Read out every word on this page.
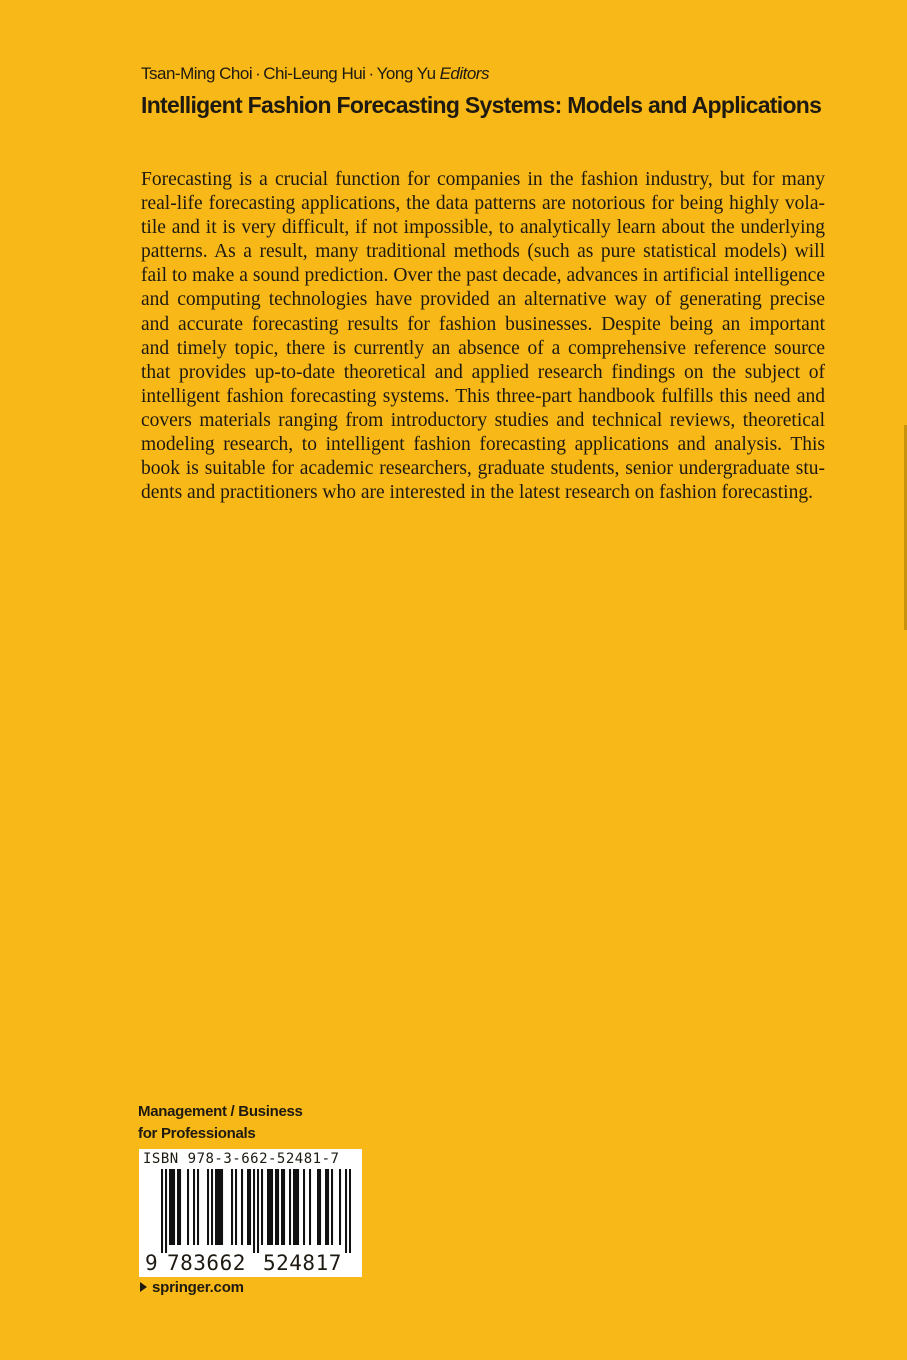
Tsan-Ming Choi · Chi-Leung Hui · Yong Yu Editors
Intelligent Fashion Forecasting Systems: Models and Applications
Forecasting is a crucial function for companies in the fashion industry, but for many
real-life forecasting applications, the data patterns are notorious for being highly vola-
tile and it is very difficult, if not impossible, to analytically learn about the underlying
patterns. As a result, many traditional methods (such as pure statistical models) will
fail to make a sound prediction. Over the past decade, advances in artificial intelligence
and computing technologies have provided an alternative way of generating precise
and accurate forecasting results for fashion businesses. Despite being an important
and timely topic, there is currently an absence of a comprehensive reference source
that provides up-to-date theoretical and applied research findings on the subject of
intelligent fashion forecasting systems. This three-part handbook fulfills this need and
covers materials ranging from introductory studies and technical reviews, theoretical
modeling research, to intelligent fashion forecasting applications and analysis. This
book is suitable for academic researchers, graduate students, senior undergraduate stu-
dents and practitioners who are interested in the latest research on fashion forecasting.
Management / Business
for Professionals
ISBN 978-3-662-52481-7
9 783662 524817
springer.com
